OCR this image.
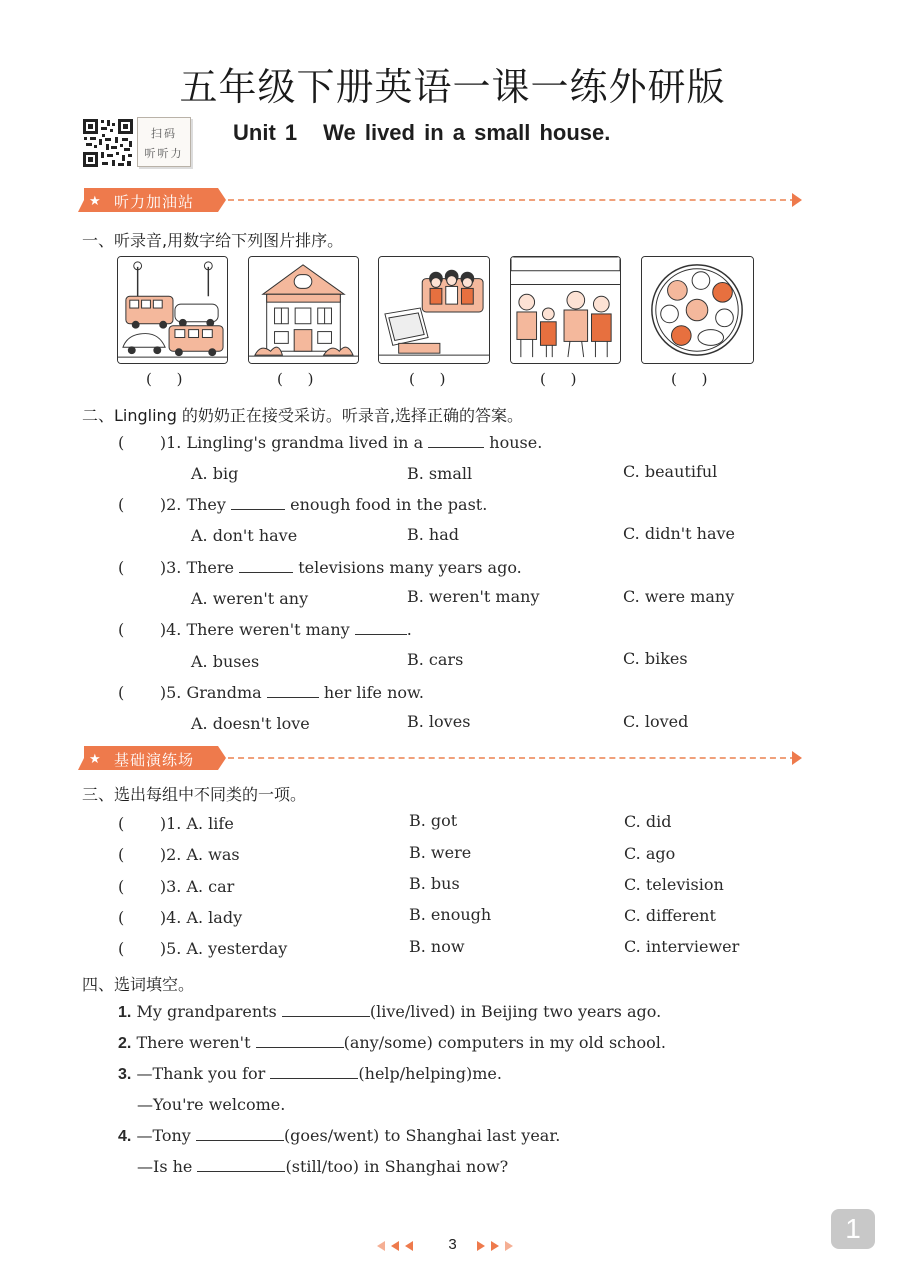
五年级下册英语一课一练外研版
扫码
听听力
Unit 1 We lived in a small house.
★ 听力加油站
一、听录音,用数字给下列图片排序。
( )	( )	( )	( )	( )
二、Lingling 的奶奶正在接受采访。听录音,选择正确的答案。
(       )1. Lingling's grandma lived in a	house.
A. big	B. small	C. beautiful
(       )2. They	enough food in the past.
A. don't have	B. had	C. didn't have
(       )3. There	televisions many years ago.
A. weren't any	B. weren't many	C. were many
(       )4. There weren't many	.
A. buses	B. cars	C. bikes
(       )5. Grandma	her life now.
A. doesn't love	B. loves	C. loved
★ 基础演练场
三、选出每组中不同类的一项。
(       )1. A. life	B. got	C. did
(       )2. A. was	B. were	C. ago
(       )3. A. car	B. bus	C. television
(       )4. A. lady	B. enough	C. different
(       )5. A. yesterday	B. now	C. interviewer
四、选词填空。
1. My grandparents	(live/lived) in Beijing two years ago.
2. There weren't	(any/some) computers in my old school.
3. —Thank you for	(help/helping)me.
—You're welcome.
4. —Tony	(goes/went) to Shanghai last year.
—Is he	(still/too) in Shanghai now?
3
1
